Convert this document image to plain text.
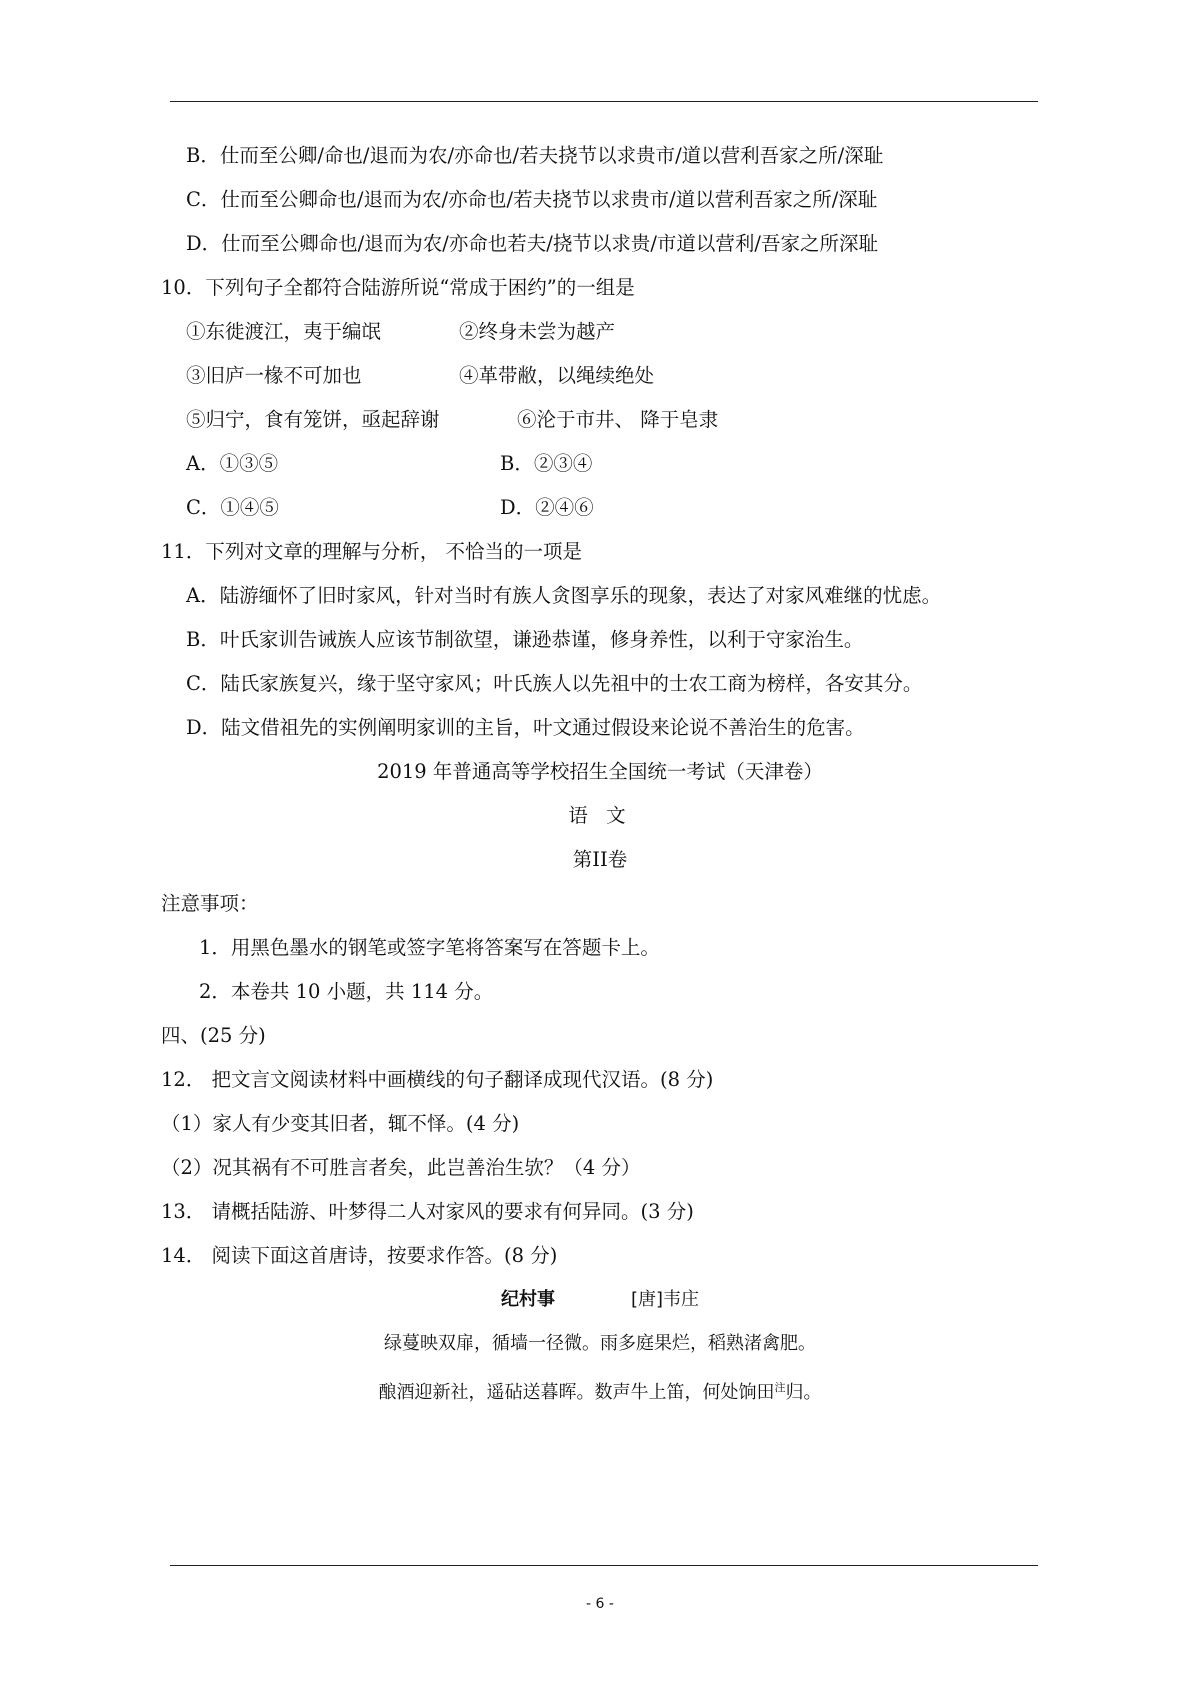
B．仕而至公卿/命也/退而为农/亦命也/若夫挠节以求贵市/道以营利吾家之所/深耻
C．仕而至公卿命也/退而为农/亦命也/若夫挠节以求贵市/道以营利吾家之所/深耻
D．仕而至公卿命也/退而为农/亦命也若夫/挠节以求贵/市道以营利/吾家之所深耻
10．下列句子全都符合陆游所说“常成于困约”的一组是
①东徙渡江，夷于编氓	②终身未尝为越产
③旧庐一椽不可加也	④革带敝，以绳续绝处
⑤归宁，食有笼饼，亟起辞谢	⑥沦于市井、 降于皂隶
A．①③⑤	B．②③④
C．①④⑤	D．②④⑥
11．下列对文章的理解与分析， 不恰当的一项是
A．陆游缅怀了旧时家风，针对当时有族人贪图享乐的现象，表达了对家风难继的忧虑。
B．叶氏家训告诫族人应该节制欲望，谦逊恭谨，修身养性，以利于守家治生。
C．陆氏家族复兴，缘于坚守家风；叶氏族人以先祖中的士农工商为榜样，各安其分。
D．陆文借祖先的实例阐明家训的主旨，叶文通过假设来论说不善治生的危害。
2019 年普通高等学校招生全国统一考试（天津卷）
语 文
第II卷
注意事项：
1．用黑色墨水的钢笔或签字笔将答案写在答题卡上。
2．本卷共 10 小题，共 114 分。
四、(25 分)
12． 把文言文阅读材料中画横线的句子翻译成现代汉语。(8 分)
（1）家人有少变其旧者，辄不怿。(4 分)
（2）况其祸有不可胜言者矣，此岂善治生欤？（4 分）
13． 请概括陆游、叶梦得二人对家风的要求有何异同。(3 分)
14． 阅读下面这首唐诗，按要求作答。(8 分)
纪村事	[唐]韦庄
绿蔓映双扉，循墙一径微。雨多庭果烂，稻熟渚禽肥。
酿酒迎新社，遥砧送暮晖。数声牛上笛，何处饷田$^注$归。
- 6 -
